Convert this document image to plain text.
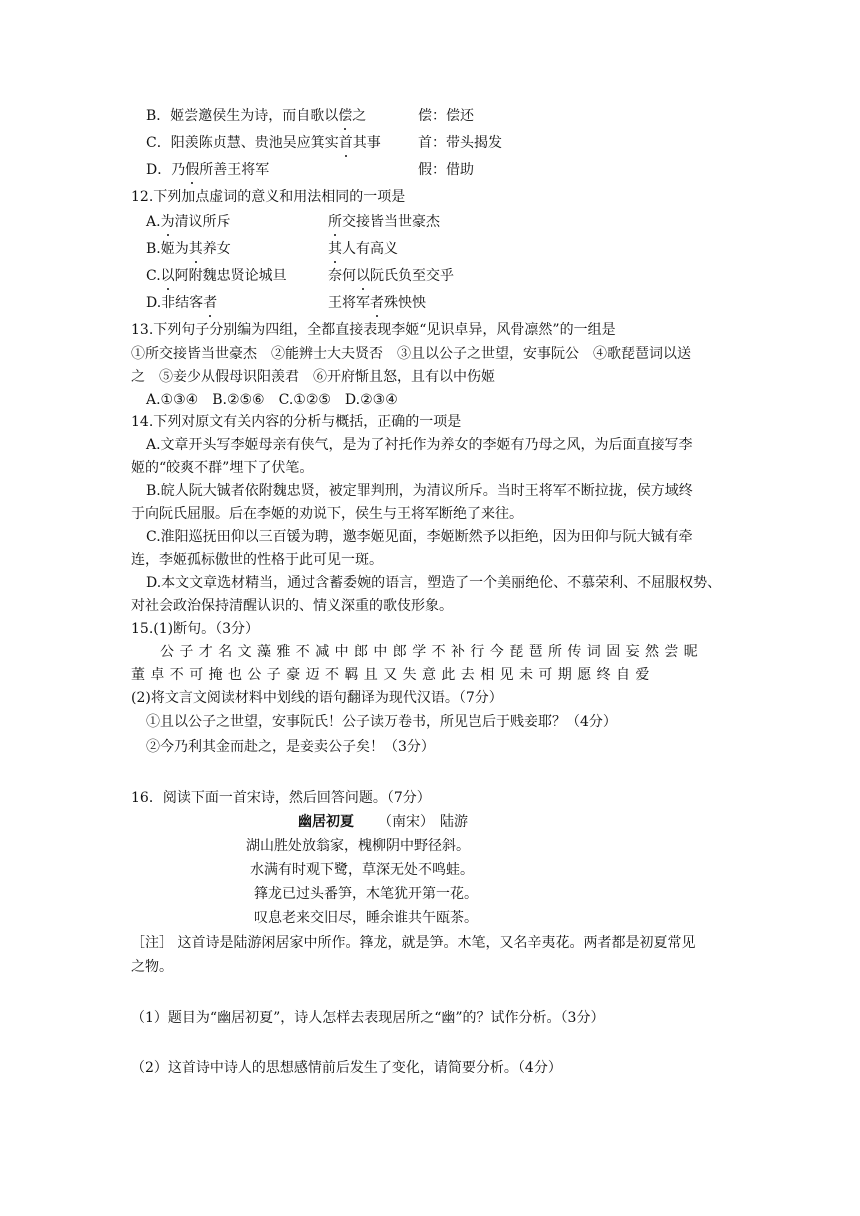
B．姬尝邀侯生为诗，而自歌以偿之	偿：偿还
C．阳羡陈贞慧、贵池吴应箕实首其事	首：带头揭发
D．乃假所善王将军	假：借助
12.下列加点虚词的意义和用法相同的一项是
A.为清议所斥	所交接皆当世豪杰
B.姬为其养女	其人有高义
C.以阿附魏忠贤论城旦	奈何以阮氏负至交乎
D.非结客者	王将军者殊怏怏
13.下列句子分别编为四组，全都直接表现李姬“见识卓异，风骨凛然”的一组是
①所交接皆当世豪杰　②能辨士大夫贤否　③且以公子之世望，安事阮公　④歌琵琶词以送
之　⑤妾少从假母识阳羡君　⑥开府惭且怒，且有以中伤姬
A.①③④　B.②⑤⑥　C.①②⑤　D.②③④
14.下列对原文有关内容的分析与概括，正确的一项是
A.文章开头写李姬母亲有侠气，是为了衬托作为养女的李姬有乃母之风，为后面直接写李
姬的“皎爽不群”埋下了伏笔。
B.皖人阮大铖者依附魏忠贤，被定罪判刑，为清议所斥。当时王将军不断拉拢，侯方域终
于向阮氏屈服。后在李姬的劝说下，侯生与王将军断绝了来往。
C.淮阳巡抚田仰以三百锾为聘，邀李姬见面，李姬断然予以拒绝，因为田仰与阮大铖有牵
连，李姬孤标傲世的性格于此可见一斑。
D.本文文章选材精当，通过含蓄委婉的语言，塑造了一个美丽绝伦、不慕荣利、不屈服权势、
对社会政治保持清醒认识的、情义深重的歌伎形象。
15.(1)断句。（3分）
公子才名文藻雅不减中郎中郎学不补行今琵琶所传词固妄然尝昵
董卓不可掩也公子豪迈不羁且又失意此去相见未可期愿终自爱
(2)将文言文阅读材料中划线的语句翻译为现代汉语。（7分）
①且以公子之世望，安事阮氏！公子读万卷书，所见岂后于贱妾耶？（4分）
②今乃利其金而赴之，是妾卖公子矣！（3分）
16．阅读下面一首宋诗，然后回答问题。（7分）
幽居初夏 （南宋） 陆游
湖山胜处放翁家，槐柳阴中野径斜。
水满有时观下鹭，草深无处不鸣蛙。
箨龙已过头番笋，木笔犹开第一花。
叹息老来交旧尽，睡余谁共午瓯茶。
［注］ 这首诗是陆游闲居家中所作。箨龙，就是笋。木笔，又名辛夷花。两者都是初夏常见
之物。
（1）题目为“幽居初夏”，诗人怎样去表现居所之“幽”的？试作分析。（3分）
（2）这首诗中诗人的思想感情前后发生了变化，请简要分析。（4分）
